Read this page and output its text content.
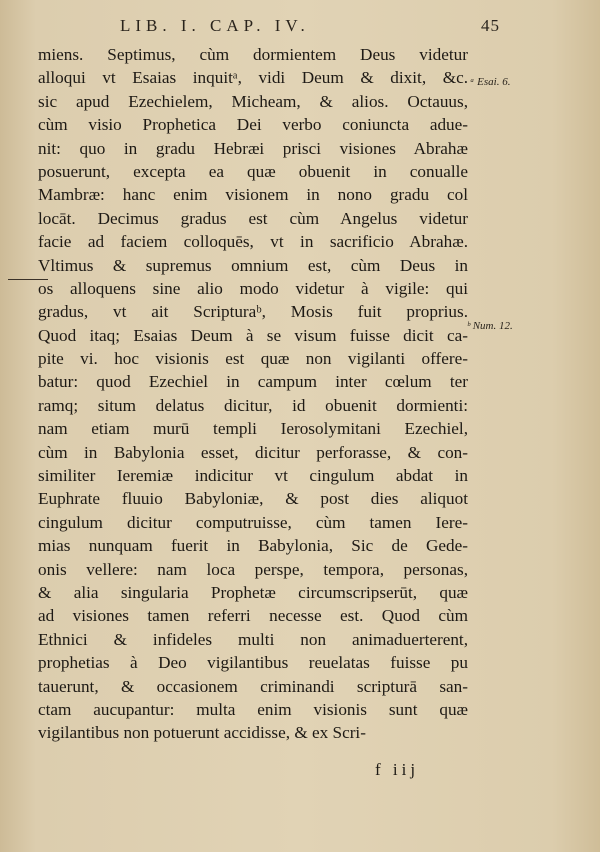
LIB. I. CAP. IV.	45
miens. Septimus, cùm dormientem Deus videtur
alloqui vt Esaias inquitᵃ, vidi Deum & dixit, &c.
sic apud Ezechielem, Micheam, & alios. Octauus,
cùm visio Prophetica Dei verbo coniuncta adue-
nit: quo in gradu Hebræi prisci visiones Abrahæ
posuerunt, excepta ea quæ obuenit in conualle
Mambræ: hanc enim visionem in nono gradu col
locāt. Decimus gradus est cùm Angelus videtur
facie ad faciem colloquēs, vt in sacrificio Abrahæ.
Vltimus & supremus omnium est, cùm Deus in
os alloquens sine alio modo videtur à vigile: qui
gradus, vt ait Scripturaᵇ, Mosis fuit proprius.
Quod itaq; Esaias Deum à se visum fuisse dicit ca-
pite vi. hoc visionis est quæ non vigilanti offere-
batur: quod Ezechiel in campum inter cœlum ter
ramq; situm delatus dicitur, id obuenit dormienti:
nam etiam murū templi Ierosolymitani Ezechiel,
cùm in Babylonia esset, dicitur perforasse, & con-
similiter Ieremiæ indicitur vt cingulum abdat in
Euphrate fluuio Babyloniæ, & post dies aliquot
cingulum dicitur computruisse, cùm tamen Iere-
mias nunquam fuerit in Babylonia, Sic de Gede-
onis vellere: nam loca perspe, tempora, personas,
& alia singularia Prophetæ circumscripserūt, quæ
ad visiones tamen referri necesse est. Quod cùm
Ethnici & infideles multi non animaduerterent,
prophetias à Deo vigilantibus reuelatas fuisse pu
tauerunt, & occasionem criminandi scripturā san-
ctam aucupantur: multa enim visionis sunt quæ
vigilantibus non potuerunt accidisse, & ex Scri-
ᵃ Esai. 6.
ᵇ Num. 12.
f iij
